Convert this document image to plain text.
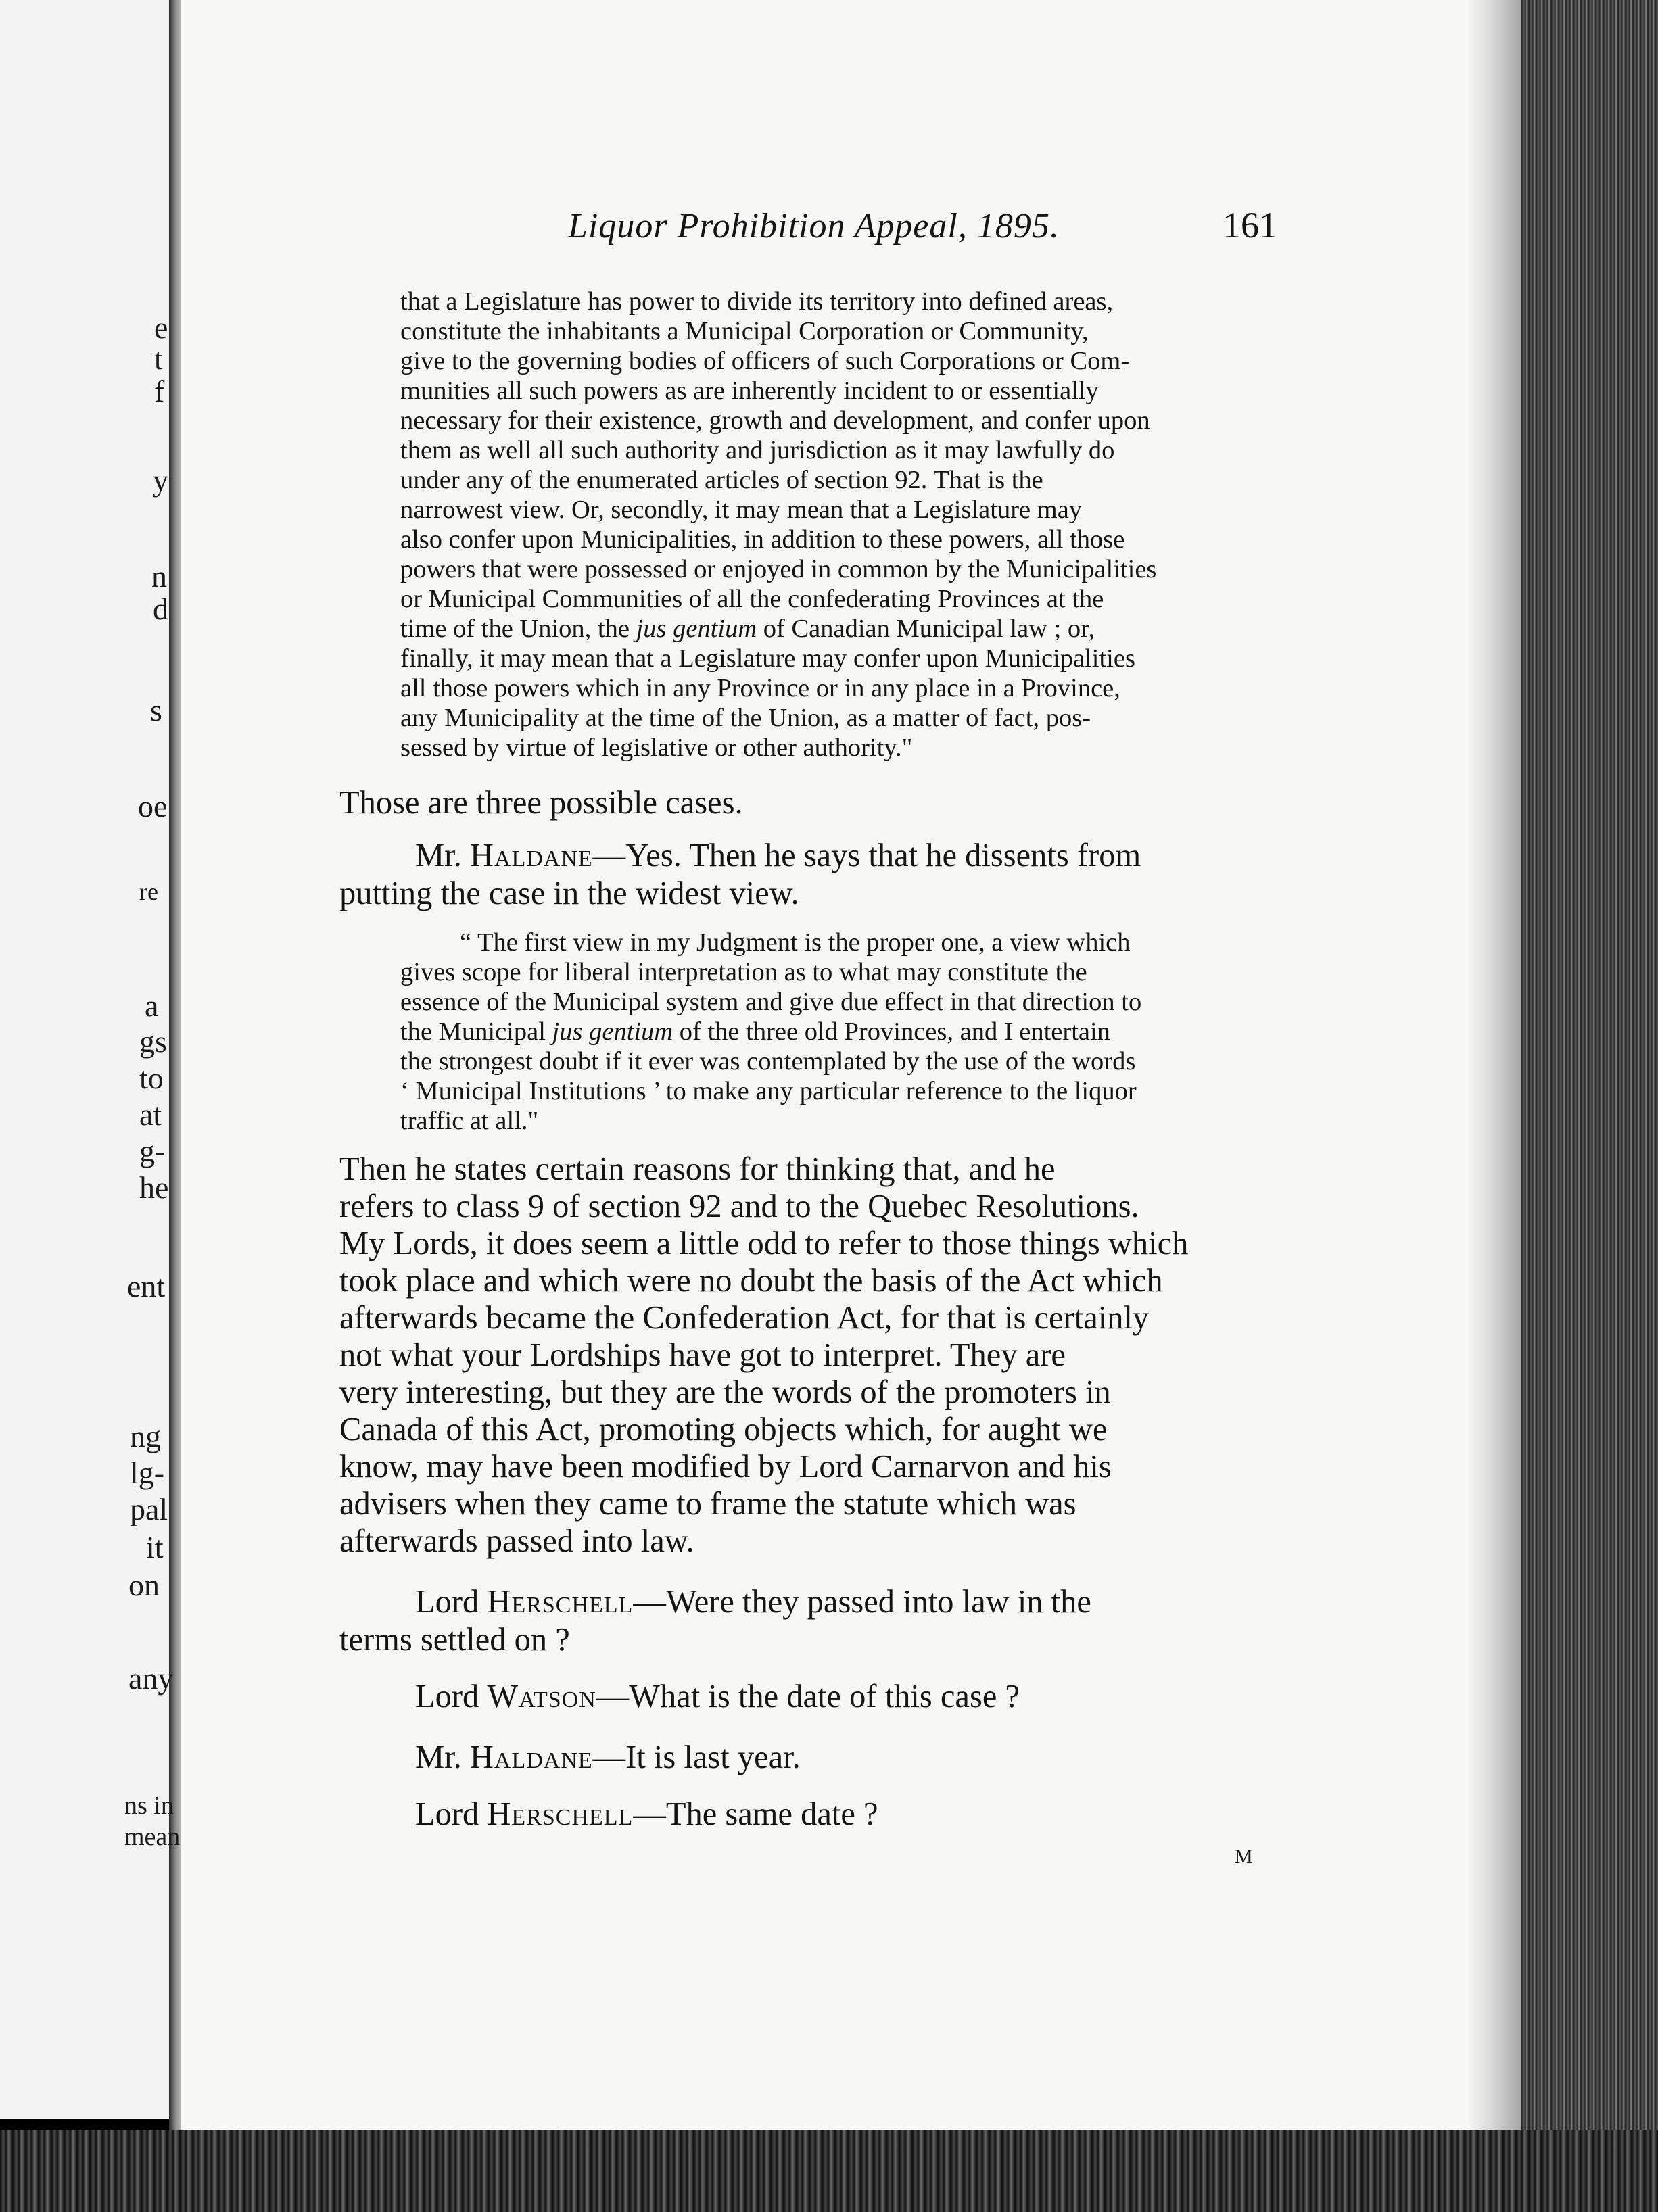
e
t
f
y
n
d
s
oe
re
a
gs
to
at
g-
he
ent
ng
lg-
pal
it
on
any
ns in
mean
Liquor Prohibition Appeal, 1895.	161
that a Legislature has power to divide its territory into defined areas,
constitute the inhabitants a Municipal Corporation or Community,
give to the governing bodies of officers of such Corporations or Com-
munities all such powers as are inherently incident to or essentially
necessary for their existence, growth and development, and confer upon
them as well all such authority and jurisdiction as it may lawfully do
under any of the enumerated articles of section 92. That is the
narrowest view. Or, secondly, it may mean that a Legislature may
also confer upon Municipalities, in addition to these powers, all those
powers that were possessed or enjoyed in common by the Municipalities
or Municipal Communities of all the confederating Provinces at the
time of the Union, the jus gentium of Canadian Municipal law ; or,
finally, it may mean that a Legislature may confer upon Municipalities
all those powers which in any Province or in any place in a Province,
any Municipality at the time of the Union, as a matter of fact, pos-
sessed by virtue of legislative or other authority."
Those are three possible cases.
Mr. Haldane—Yes. Then he says that he dissents from
putting the case in the widest view.
“ The first view in my Judgment is the proper one, a view which
gives scope for liberal interpretation as to what may constitute the
essence of the Municipal system and give due effect in that direction to
the Municipal jus gentium of the three old Provinces, and I entertain
the strongest doubt if it ever was contemplated by the use of the words
‘ Municipal Institutions ’ to make any particular reference to the liquor
traffic at all."
Then he states certain reasons for thinking that, and he
refers to class 9 of section 92 and to the Quebec Resolutions.
My Lords, it does seem a little odd to refer to those things which
took place and which were no doubt the basis of the Act which
afterwards became the Confederation Act, for that is certainly
not what your Lordships have got to interpret. They are
very interesting, but they are the words of the promoters in
Canada of this Act, promoting objects which, for aught we
know, may have been modified by Lord Carnarvon and his
advisers when they came to frame the statute which was
afterwards passed into law.
Lord Herschell—Were they passed into law in the
terms settled on ?
Lord Watson—What is the date of this case ?
Mr. Haldane—It is last year.
Lord Herschell—The same date ?
M
